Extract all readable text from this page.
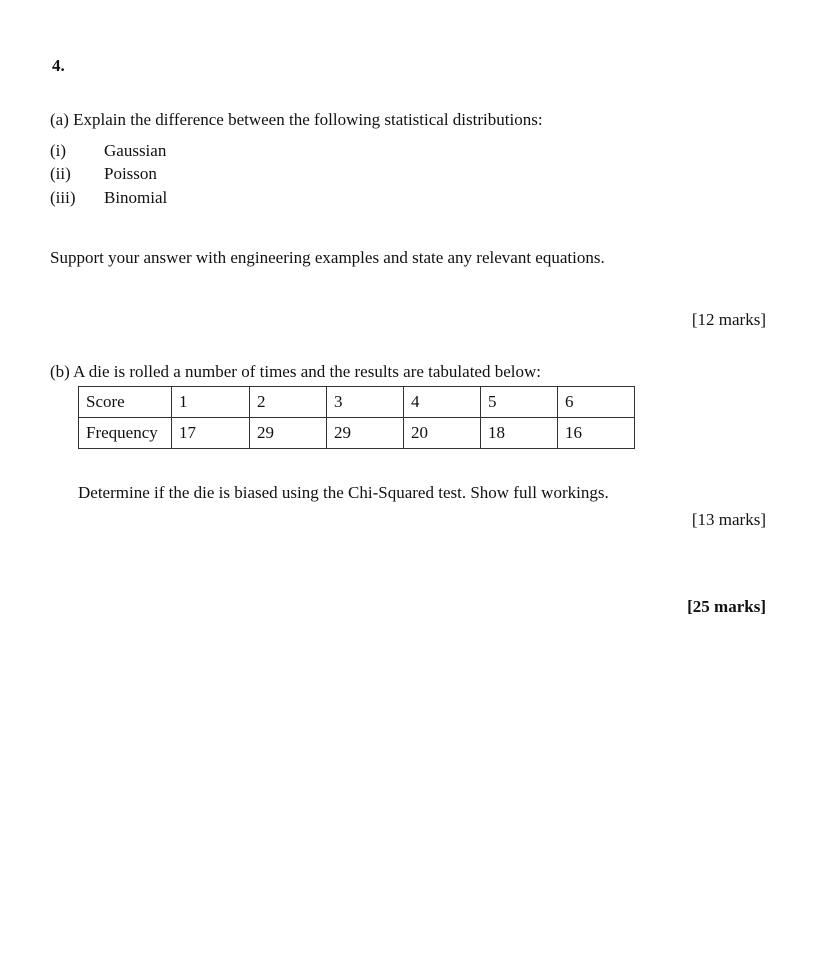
4.
(a) Explain the difference between the following statistical distributions:
(i) Gaussian
(ii) Poisson
(iii) Binomial
Support your answer with engineering examples and state any relevant equations.
[12 marks]
(b) A die is rolled a number of times and the results are tabulated below:
Score	1	2	3	4	5	6
Frequency	17	29	29	20	18	16
Determine if the die is biased using the Chi-Squared test. Show full workings.
[13 marks]
[25 marks]
